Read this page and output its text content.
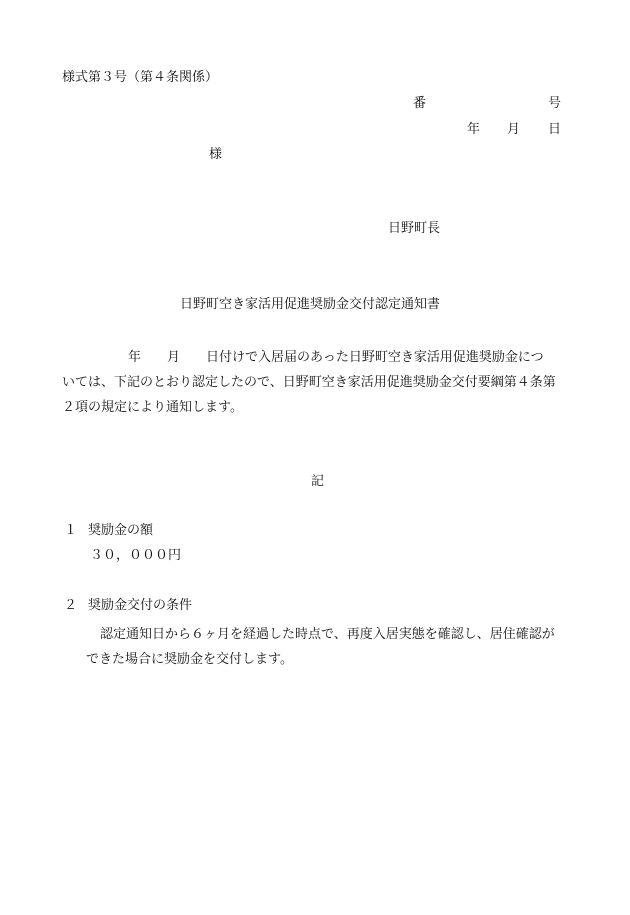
様式第３号（第４条関係）
番	号
年 月 日
様
日野町長
日野町空き家活用促進奨励金交付認定通知書
年 月 日付けで入居届のあった日野町空き家活用促進奨励金につ
いては、下記のとおり認定したので、日野町空き家活用促進奨励金交付要綱第４条第
２項の規定により通知します。
記
１ 奨励金の額
３０，０００円
２ 奨励金交付の条件
認定通知日から６ヶ月を経過した時点で、再度入居実態を確認し、居住確認が
できた場合に奨励金を交付します。
